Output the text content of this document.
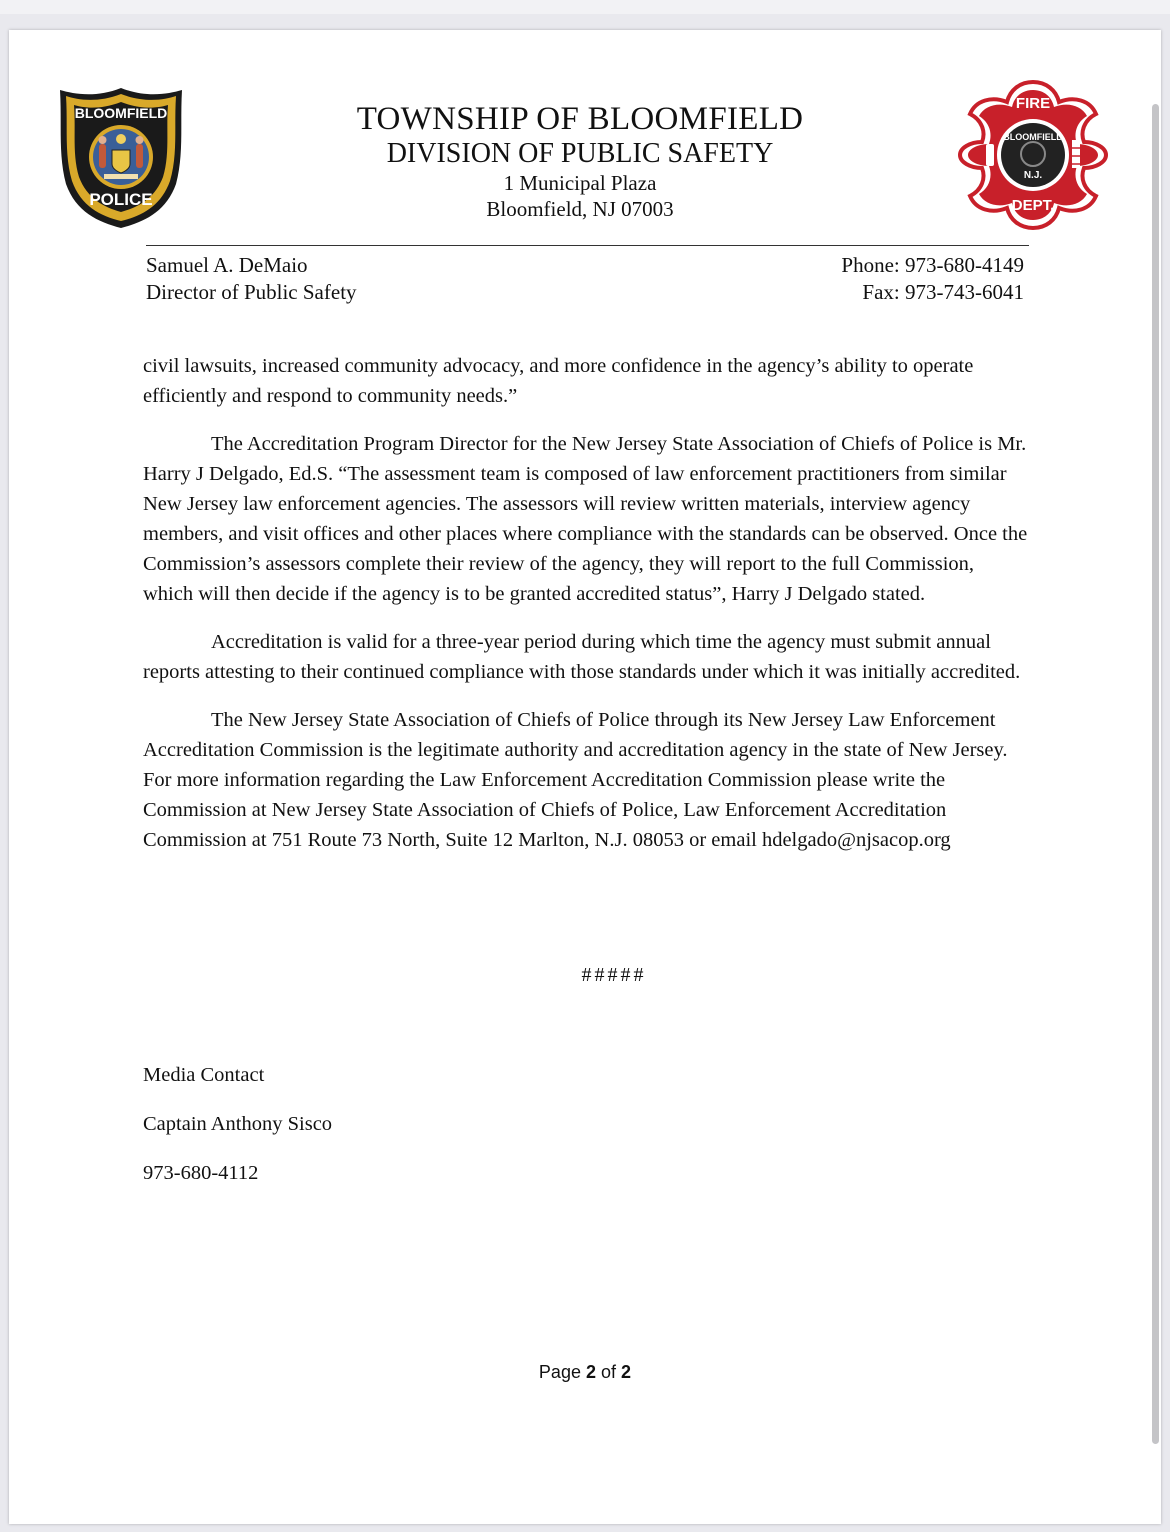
BLOOMFIELD
POLICE
FIRE
BLOOMFIELD
N.J.
DEPT.
TOWNSHIP OF BLOOMFIELD
DIVISION OF PUBLIC SAFETY
1 Municipal Plaza
Bloomfield, NJ 07003
Samuel A. DeMaio
Director of Public Safety
Phone: 973-680-4149
Fax: 973-743-6041

civil lawsuits, increased community advocacy, and more confidence in the agency’s ability to operate efficiently and respond to community needs.”

The Accreditation Program Director for the New Jersey State Association of Chiefs of Police is Mr. Harry J Delgado, Ed.S. “The assessment team is composed of law enforcement practitioners from similar New Jersey law enforcement agencies. The assessors will review written materials, interview agency members, and visit offices and other places where compliance with the standards can be observed. Once the Commission’s assessors complete their review of the agency, they will report to the full Commission, which will then decide if the agency is to be granted accredited status”, Harry J Delgado stated.

Accreditation is valid for a three-year period during which time the agency must submit annual reports attesting to their continued compliance with those standards under which it was initially accredited.

The New Jersey State Association of Chiefs of Police through its New Jersey Law Enforcement Accreditation Commission is the legitimate authority and accreditation agency in the state of New Jersey. For more information regarding the Law Enforcement Accreditation Commission please write the Commission at New Jersey State Association of Chiefs of Police, Law Enforcement Accreditation Commission at 751 Route 73 North, Suite 12 Marlton, N.J. 08053 or email hdelgado@njsacop.org

#####
Media Contact
Captain Anthony Sisco
973-680-4112
Page 2 of 2
